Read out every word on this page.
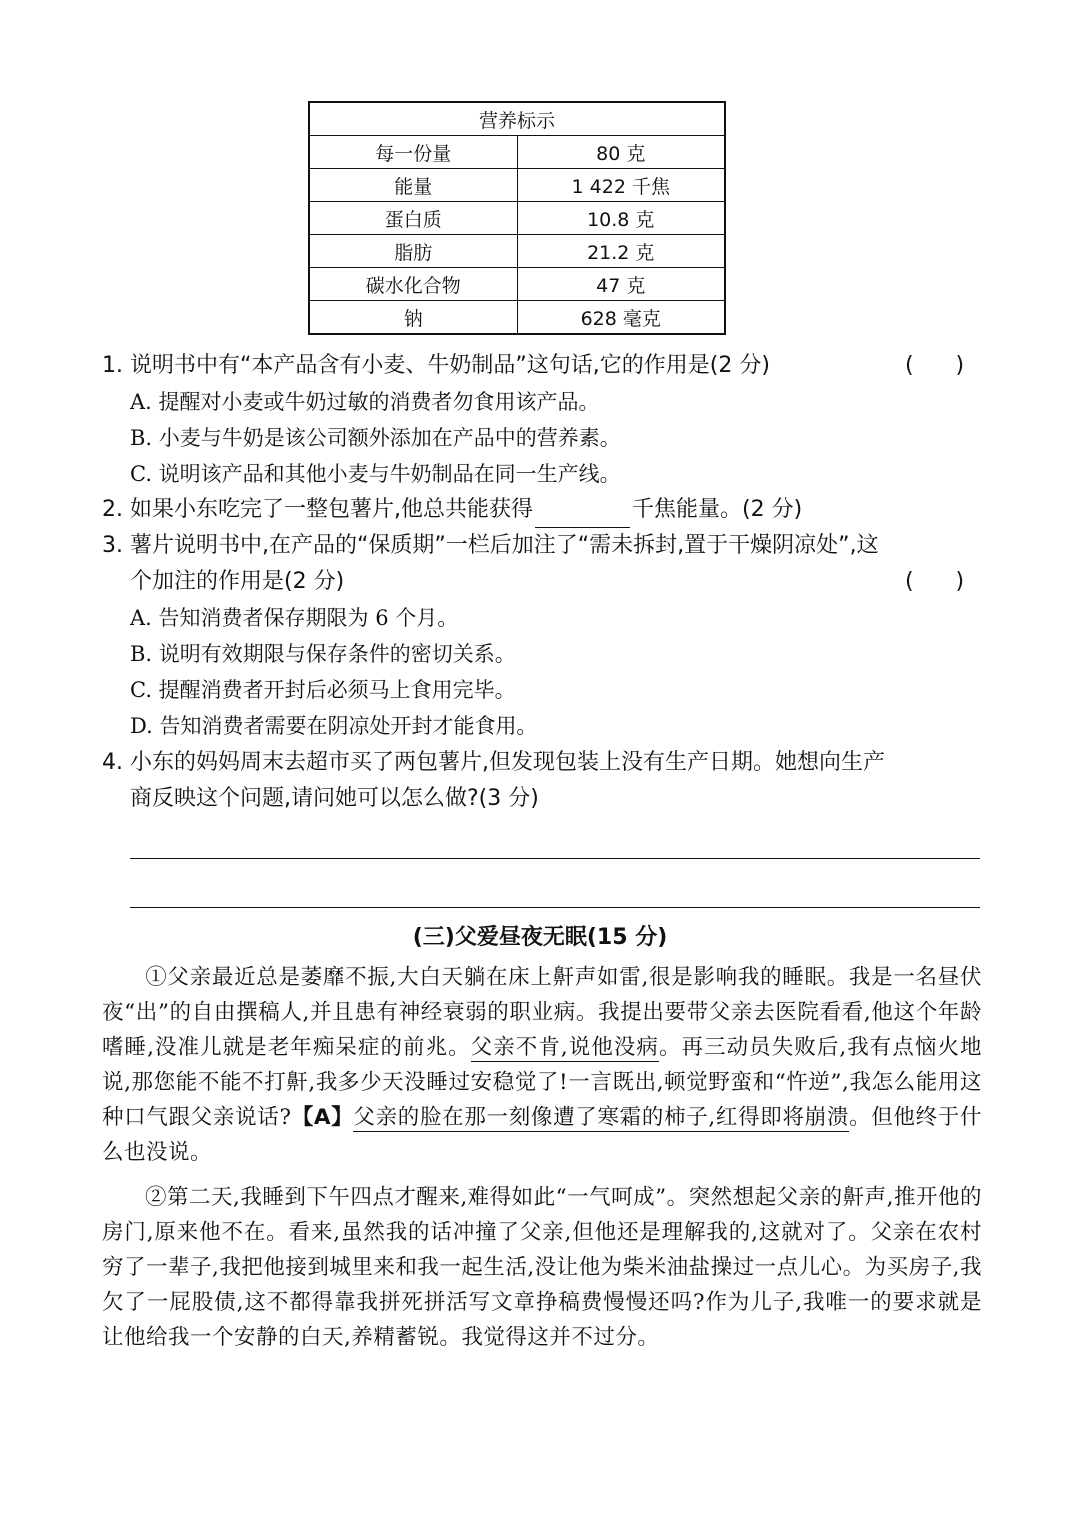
营养标示	
每一份量	80 克
能量	1 422 千焦
蛋白质	10.8 克
脂肪	21.2 克
碳水化合物	47 克
钠	628 毫克
1. 说明书中有“本产品含有小麦、牛奶制品”这句话,它的作用是(2 分)	(      )
A. 提醒对小麦或牛奶过敏的消费者勿食用该产品。
B. 小麦与牛奶是该公司额外添加在产品中的营养素。
C. 说明该产品和其他小麦与牛奶制品在同一生产线。
2. 如果小东吃完了一整包薯片,他总共能获得	千焦能量。(2 分)
3. 薯片说明书中,在产品的“保质期”一栏后加注了“需未拆封,置于干燥阴凉处”,这
个加注的作用是(2 分)	(      )
A. 告知消费者保存期限为 6 个月。
B. 说明有效期限与保存条件的密切关系。
C. 提醒消费者开封后必须马上食用完毕。
D. 告知消费者需要在阴凉处开封才能食用。
4. 小东的妈妈周末去超市买了两包薯片,但发现包装上没有生产日期。她想向生产
商反映这个问题,请问她可以怎么做?(3 分)
(三)父爱昼夜无眠(15 分)
①父亲最近总是萎靡不振,大白天躺在床上鼾声如雷,很是影响我的睡眠。我是一名昼伏夜“出”的自由撰稿人,并且患有神经衰弱的职业病。我提出要带父亲去医院看看,他这个年龄嗜睡,没准儿就是老年痴呆症的前兆。父亲不肯,说他没病。再三动员失败后,我有点恼火地说,那您能不能不打鼾,我多少天没睡过安稳觉了!一言既出,顿觉野蛮和“忤逆”,我怎么能用这种口气跟父亲说话?【A】父亲的脸在那一刻像遭了寒霜的柿子,红得即将崩溃。但他终于什么也没说。
②第二天,我睡到下午四点才醒来,难得如此“一气呵成”。突然想起父亲的鼾声,推开他的房门,原来他不在。看来,虽然我的话冲撞了父亲,但他还是理解我的,这就对了。父亲在农村穷了一辈子,我把他接到城里来和我一起生活,没让他为柴米油盐操过一点儿心。为买房子,我欠了一屁股债,这不都得靠我拼死拼活写文章挣稿费慢慢还吗?作为儿子,我唯一的要求就是让他给我一个安静的白天,养精蓄锐。我觉得这并不过分。
